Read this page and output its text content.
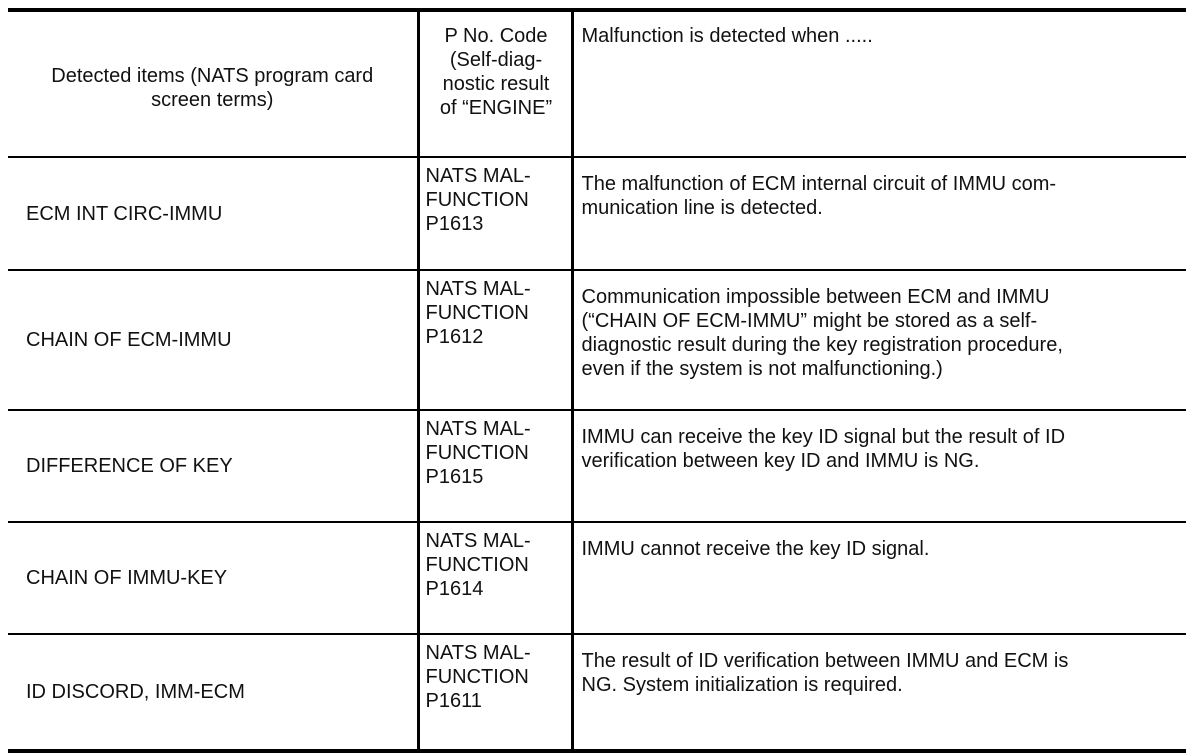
Detected items (NATS program card
screen terms)	P No. Code
(Self-diag-
nostic result
of “ENGINE”	Malfunction is detected when .....

ECM INT CIRC-IMMU	NATS MAL-
FUNCTION
P1613	The malfunction of ECM internal circuit of IMMU com-
munication line is detected.

CHAIN OF ECM-IMMU	NATS MAL-
FUNCTION
P1612	Communication impossible between ECM and IMMU
(“CHAIN OF ECM-IMMU” might be stored as a self-
diagnostic result during the key registration procedure,
even if the system is not malfunctioning.)

DIFFERENCE OF KEY	NATS MAL-
FUNCTION
P1615	IMMU can receive the key ID signal but the result of ID
verification between key ID and IMMU is NG.

CHAIN OF IMMU-KEY	NATS MAL-
FUNCTION
P1614	IMMU cannot receive the key ID signal.

ID DISCORD, IMM-ECM	NATS MAL-
FUNCTION
P1611	The result of ID verification between IMMU and ECM is
NG. System initialization is required.
